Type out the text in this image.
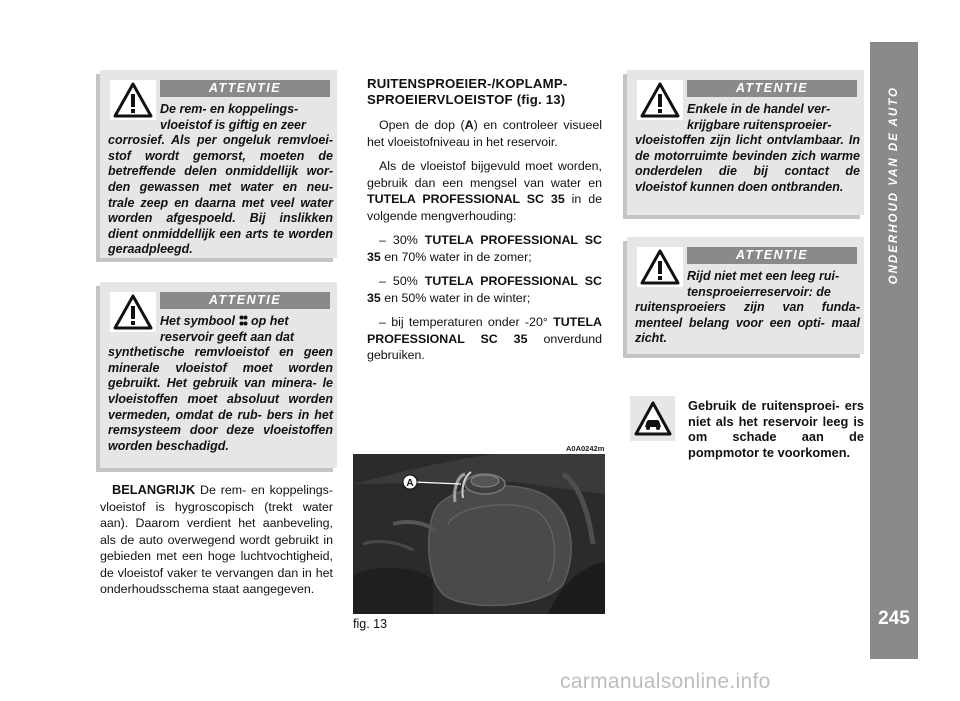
ONDERHOUD VAN DE AUTO
245
ATTENTIE
De rem- en koppelings-
vloeistof is giftig en zeer
corrosief. Als per ongeluk remvloei- stof wordt gemorst, moeten de betreffende delen onmiddellijk wor- den gewassen met water en neu- trale zeep en daarna met veel water worden afgespoeld. Bij inslikken dient onmiddellijk een arts te worden geraadpleegd.
ATTENTIE
Het symbool op het
reservoir geeft aan dat
synthetische remvloeistof en geen minerale vloeistof moet worden gebruikt. Het gebruik van minera- le vloeistoffen moet absoluut worden vermeden, omdat de rub- bers in het remsysteem door deze vloeistoffen worden beschadigd.

BELANGRIJK De rem- en koppelings- vloeistof is hygroscopisch (trekt water aan). Daarom verdient het aanbeveling, als de auto overwegend wordt gebruikt in gebieden met een hoge luchtvochtigheid, de vloeistof vaker te vervangen dan in het onderhoudsschema staat aangegeven.

RUITENSPROEIER-/KOPLAMP- SPROEIERVLOEISTOF (fig. 13)

Open de dop (A) en controleer visueel het vloeistofniveau in het reservoir.

Als de vloeistof bijgevuld moet worden, gebruik dan een mengsel van water en TUTELA PROFESSIONAL SC 35 in de volgende mengverhouding:

– 30% TUTELA PROFESSIONAL SC 35 en 70% water in de zomer;

– 50% TUTELA PROFESSIONAL SC 35 en 50% water in de winter;

– bij temperaturen onder -20° TUTELA PROFESSIONAL SC 35 onverdund gebruiken.

A0A0242m
A
fig. 13
ATTENTIE
Enkele in de handel ver-
krijgbare ruitensproeier-
vloeistoffen zijn licht ontvlambaar. In de motorruimte bevinden zich warme onderdelen die bij contact de vloeistof kunnen doen ontbranden.
ATTENTIE
Rijd niet met een leeg rui-
tensproeierreservoir: de
ruitensproeiers zijn van funda- menteel belang voor een opti- maal zicht.
Gebruik de ruitensproei- ers niet als het reservoir leeg is om schade aan de pompmotor te voorkomen.
carmanualsonline.info
